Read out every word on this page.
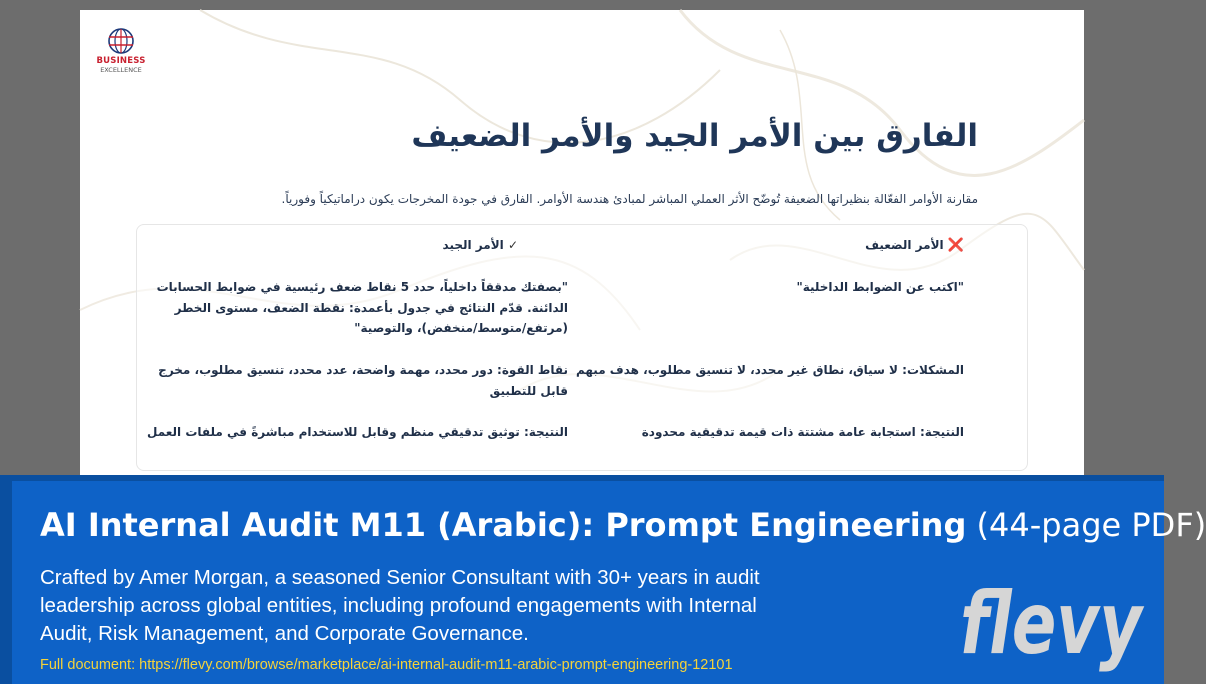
BUSINESS
EXCELLENCE
الفارق بين الأمر الجيد والأمر الضعيف
مقارنة الأوامر الفعّالة بنظيراتها الضعيفة تُوضّح الأثر العملي المباشر لمبادئ هندسة الأوامر. الفارق في جودة المخرجات يكون دراماتيكياً وفورياً.
❌ الأمر الضعيف
"اكتب عن الضوابط الداخلية"
المشكلات: لا سياق، نطاق غير محدد، لا تنسيق مطلوب، هدف مبهم
النتيجة: استجابة عامة مشتتة ذات قيمة تدقيقية محدودة
✓ الأمر الجيد
"بصفتك مدققاً داخلياً، حدد 5 نقاط ضعف رئيسية في ضوابط الحسابات الدائنة. قدّم النتائج في جدول بأعمدة: نقطة الضعف، مستوى الخطر (مرتفع/متوسط/منخفض)، والتوصية"
نقاط القوة: دور محدد، مهمة واضحة، عدد محدد، تنسيق مطلوب، مخرج قابل للتطبيق
النتيجة: توثيق تدقيقي منظم وقابل للاستخدام مباشرةً في ملفات العمل
AI Internal Audit M11 (Arabic): Prompt Engineering (44-page PDF)
Crafted by Amer Morgan, a seasoned Senior Consultant with 30+ years in audit leadership across global entities, including profound engagements with Internal Audit, Risk Management, and Corporate Governance.
Full document: https://flevy.com/browse/marketplace/ai-internal-audit-m11-arabic-prompt-engineering-12101	flevy
